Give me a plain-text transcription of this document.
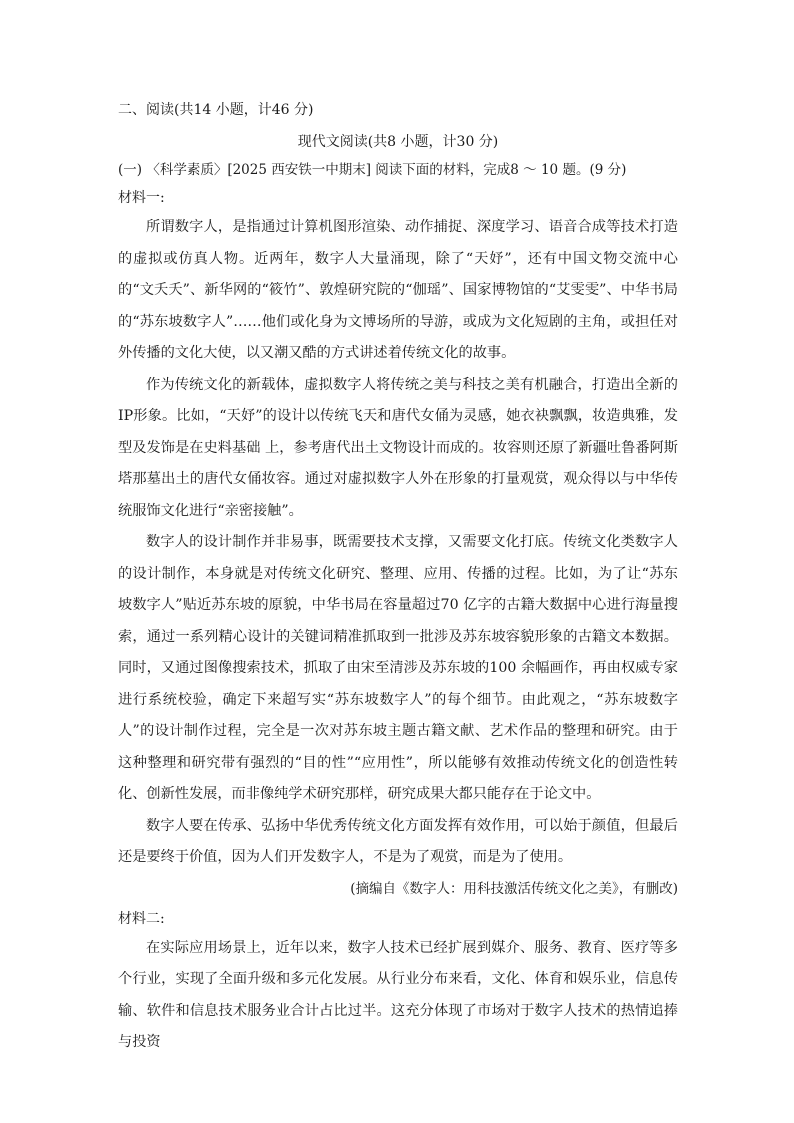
二、阅读(共14 小题，计46 分)

现代文阅读(共8 小题，计30 分)

(一) 〈科学素质〉[2025 西安铁一中期末] 阅读下面的材料，完成8 ～ 10 题。(9 分)

材料一:

所谓数字人，是指通过计算机图形渲染、动作捕捉、深度学习、语音合成等技术打造的虚拟或仿真人物。近两年，数字人大量涌现，除了“天妤”，还有中国文物交流中心的“文夭夭”、新华网的“筱竹”、敦煌研究院的“伽瑶”、国家博物馆的“艾雯雯”、中华书局的“苏东坡数字人”……他们或化身为文博场所的导游，或成为文化短剧的主角，或担任对外传播的文化大使，以又潮又酷的方式讲述着传统文化的故事。

作为传统文化的新载体，虚拟数字人将传统之美与科技之美有机融合，打造出全新的IP形象。比如，“天妤”的设计以传统飞天和唐代女俑为灵感，她衣袂飘飘，妆造典雅，发型及发饰是在史料基础 上，参考唐代出土文物设计而成的。妆容则还原了新疆吐鲁番阿斯塔那墓出土的唐代女俑妆容。通过对虚拟数字人外在形象的打量观赏，观众得以与中华传统服饰文化进行“亲密接触”。

数字人的设计制作并非易事，既需要技术支撑，又需要文化打底。传统文化类数字人的设计制作，本身就是对传统文化研究、整理、应用、传播的过程。比如，为了让“苏东坡数字人”贴近苏东坡的原貌，中华书局在容量超过70 亿字的古籍大数据中心进行海量搜索，通过一系列精心设计的关键词精准抓取到一批涉及苏东坡容貌形象的古籍文本数据。同时，又通过图像搜索技术，抓取了由宋至清涉及苏东坡的100 余幅画作，再由权威专家进行系统校验，确定下来超写实“苏东坡数字人”的每个细节。由此观之，“苏东坡数字人”的设计制作过程，完全是一次对苏东坡主题古籍文献、艺术作品的整理和研究。由于这种整理和研究带有强烈的“目的性”“应用性”，所以能够有效推动传统文化的创造性转化、创新性发展，而非像纯学术研究那样，研究成果大都只能存在于论文中。

数字人要在传承、弘扬中华优秀传统文化方面发挥有效作用，可以始于颜值，但最后还是要终于价值，因为人们开发数字人，不是为了观赏，而是为了使用。

(摘编自《数字人：用科技激活传统文化之美》，有删改)

材料二:

在实际应用场景上，近年以来，数字人技术已经扩展到媒介、服务、教育、医疗等多个行业，实现了全面升级和多元化发展。从行业分布来看，文化、体育和娱乐业，信息传输、软件和信息技术服务业合计占比过半。这充分体现了市场对于数字人技术的热情追捧与投资
